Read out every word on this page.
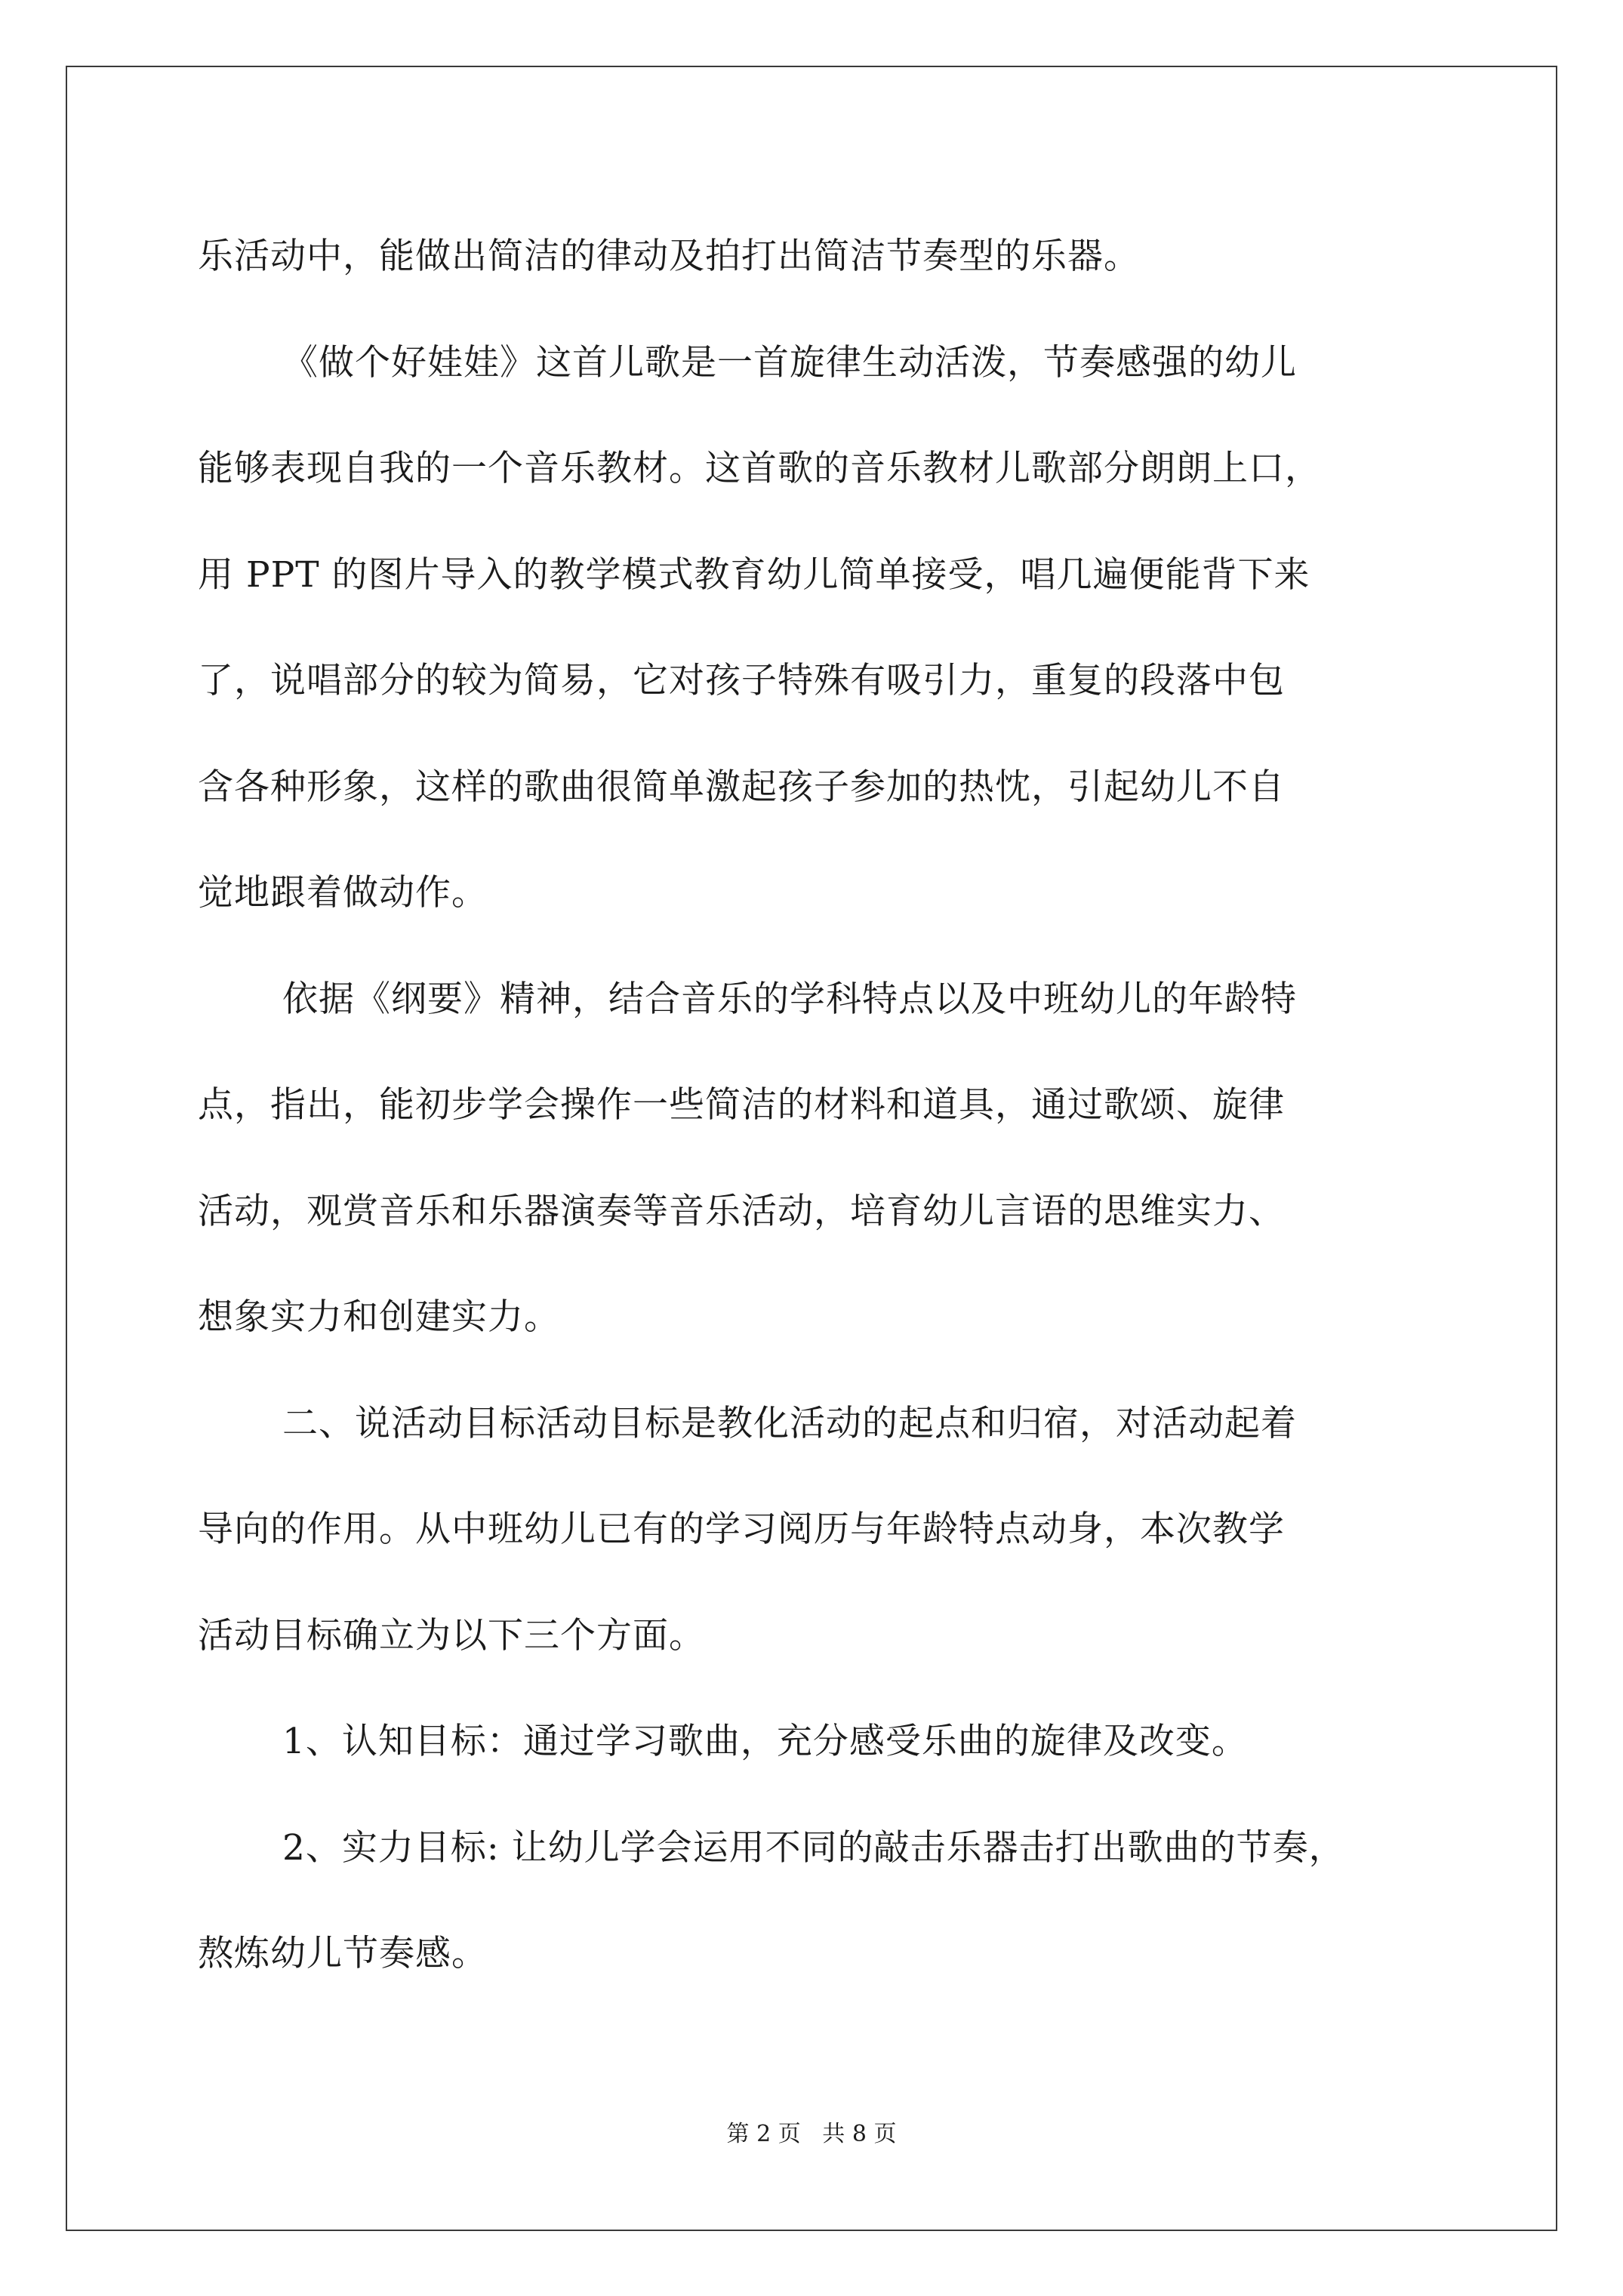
乐活动中，能做出简洁的律动及拍打出简洁节奏型的乐器。
《做个好娃娃》这首儿歌是一首旋律生动活泼，节奏感强的幼儿
能够表现自我的一个音乐教材。这首歌的音乐教材儿歌部分朗朗上口，
用 PPT 的图片导入的教学模式教育幼儿简单接受，唱几遍便能背下来
了，说唱部分的较为简易，它对孩子特殊有吸引力，重复的段落中包
含各种形象，这样的歌曲很简单激起孩子参加的热忱，引起幼儿不自
觉地跟着做动作。
依据《纲要》精神，结合音乐的学科特点以及中班幼儿的年龄特
点，指出，能初步学会操作一些简洁的材料和道具，通过歌颂、旋律
活动，观赏音乐和乐器演奏等音乐活动，培育幼儿言语的思维实力、
想象实力和创建实力。
二、说活动目标活动目标是教化活动的起点和归宿，对活动起着
导向的作用。从中班幼儿已有的学习阅历与年龄特点动身，本次教学
活动目标确立为以下三个方面。
1、认知目标：通过学习歌曲，充分感受乐曲的旋律及改变。
2、实力目标: 让幼儿学会运用不同的敲击乐器击打出歌曲的节奏，
熬炼幼儿节奏感。
第 2 页   共 8 页
